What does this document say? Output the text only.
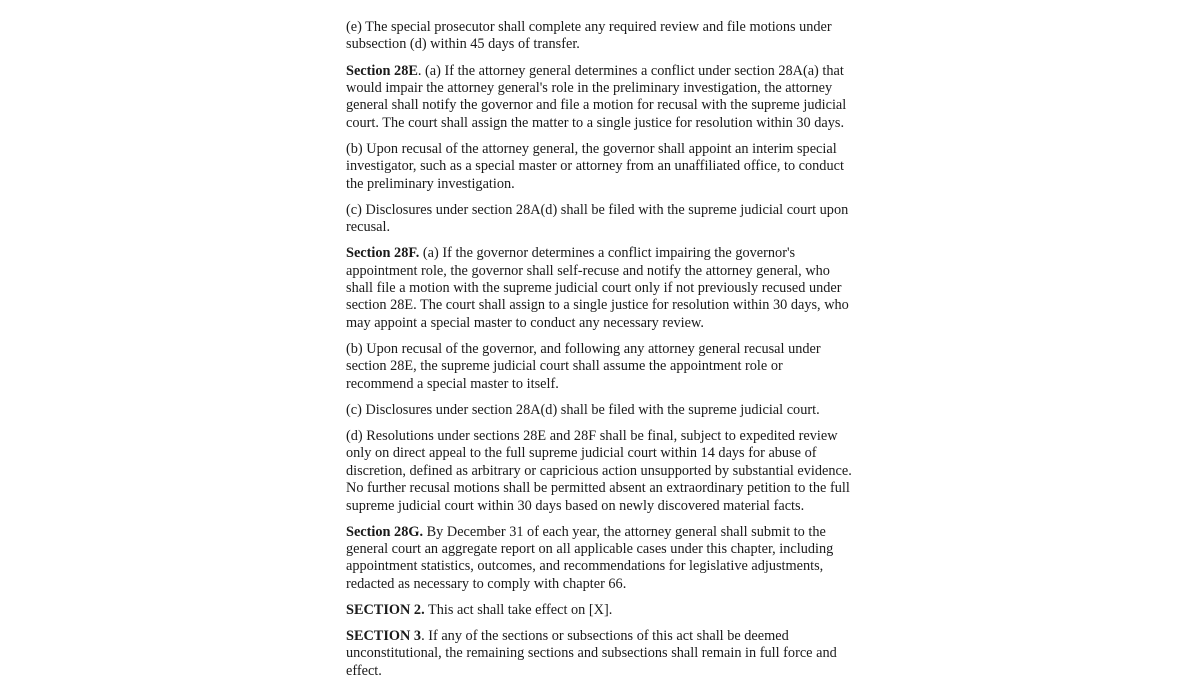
(e) The special prosecutor shall complete any required review and file motions under subsection (d) within 45 days of transfer.

Section 28E. (a) If the attorney general determines a conflict under section 28A(a) that would impair the attorney general's role in the preliminary investigation, the attorney general shall notify the governor and file a motion for recusal with the supreme judicial court. The court shall assign the matter to a single justice for resolution within 30 days.

(b) Upon recusal of the attorney general, the governor shall appoint an interim special investigator, such as a special master or attorney from an unaffiliated office, to conduct the preliminary investigation.

(c) Disclosures under section 28A(d) shall be filed with the supreme judicial court upon recusal.

Section 28F. (a) If the governor determines a conflict impairing the governor's appointment role, the governor shall self-recuse and notify the attorney general, who shall file a motion with the supreme judicial court only if not previously recused under section 28E. The court shall assign to a single justice for resolution within 30 days, who may appoint a special master to conduct any necessary review.

(b) Upon recusal of the governor, and following any attorney general recusal under section 28E, the supreme judicial court shall assume the appointment role or recommend a special master to itself.

(c) Disclosures under section 28A(d) shall be filed with the supreme judicial court.

(d) Resolutions under sections 28E and 28F shall be final, subject to expedited review only on direct appeal to the full supreme judicial court within 14 days for abuse of discretion, defined as arbitrary or capricious action unsupported by substantial evidence. No further recusal motions shall be permitted absent an extraordinary petition to the full supreme judicial court within 30 days based on newly discovered material facts.

Section 28G. By December 31 of each year, the attorney general shall submit to the general court an aggregate report on all applicable cases under this chapter, including appointment statistics, outcomes, and recommendations for legislative adjustments, redacted as necessary to comply with chapter 66.

SECTION 2. This act shall take effect on [X].

SECTION 3. If any of the sections or subsections of this act shall be deemed unconstitutional, the remaining sections and subsections shall remain in full force and effect.
